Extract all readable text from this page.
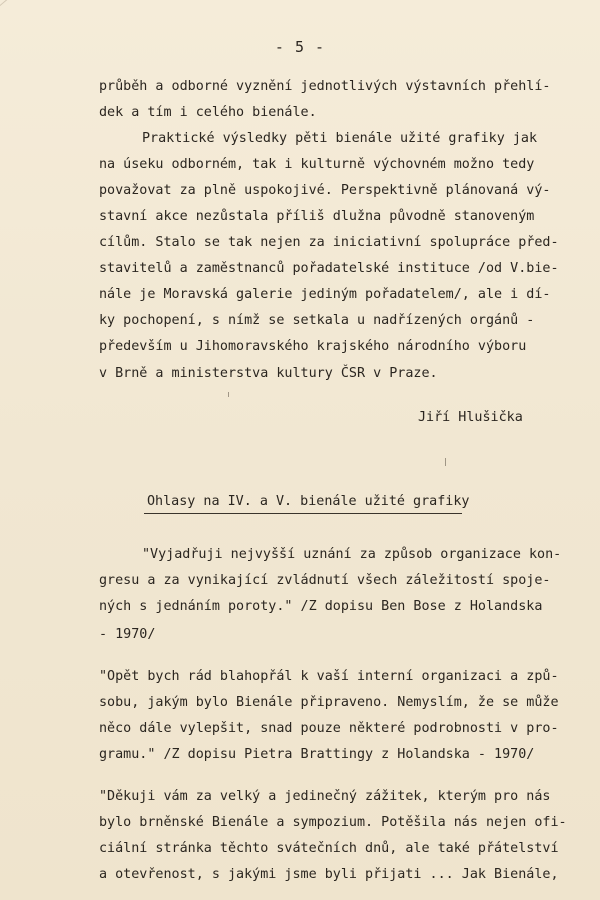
- 5 -
průběh a odborné vyznění jednotlivých výstavních přehlí-
dek a tím i celého bienále.
Praktické výsledky pěti bienále užité grafiky jak
na úseku odborném, tak i kulturně výchovném možno tedy
považovat za plně uspokojivé. Perspektivně plánovaná vý-
stavní akce nezůstala příliš dlužna původně stanoveným
cílům. Stalo se tak nejen za iniciativní spolupráce před-
stavitelů a zaměstnanců pořadatelské instituce /od V.bie-
nále je Moravská galerie jediným pořadatelem/, ale i dí-
ky pochopení, s nímž se setkala u nadřízených orgánů -
především u Jihomoravského krajského národního výboru
v Brně a ministerstva kultury ČSR v Praze.
Jiří Hlušička
Ohlasy na IV. a V. bienále užité grafiky
"Vyjadřuji nejvyšší uznání za způsob organizace kon-
gresu a za vynikající zvládnutí všech záležitostí spoje-
ných s jednáním poroty." /Z dopisu Ben Bose z Holandska
- 1970/
"Opět bych rád blahopřál k vaší interní organizaci a způ-
sobu, jakým bylo Bienále připraveno. Nemyslím, že se může
něco dále vylepšit, snad pouze některé podrobnosti v pro-
gramu." /Z dopisu Pietra Brattingy z Holandska - 1970/
"Děkuji vám za velký a jedinečný zážitek, kterým pro nás
bylo brněnské Bienále a sympozium. Potěšila nás nejen ofi-
ciální stránka těchto svátečních dnů, ale také přátelství
a otevřenost, s jakými jsme byli přijati ... Jak Bienále,
